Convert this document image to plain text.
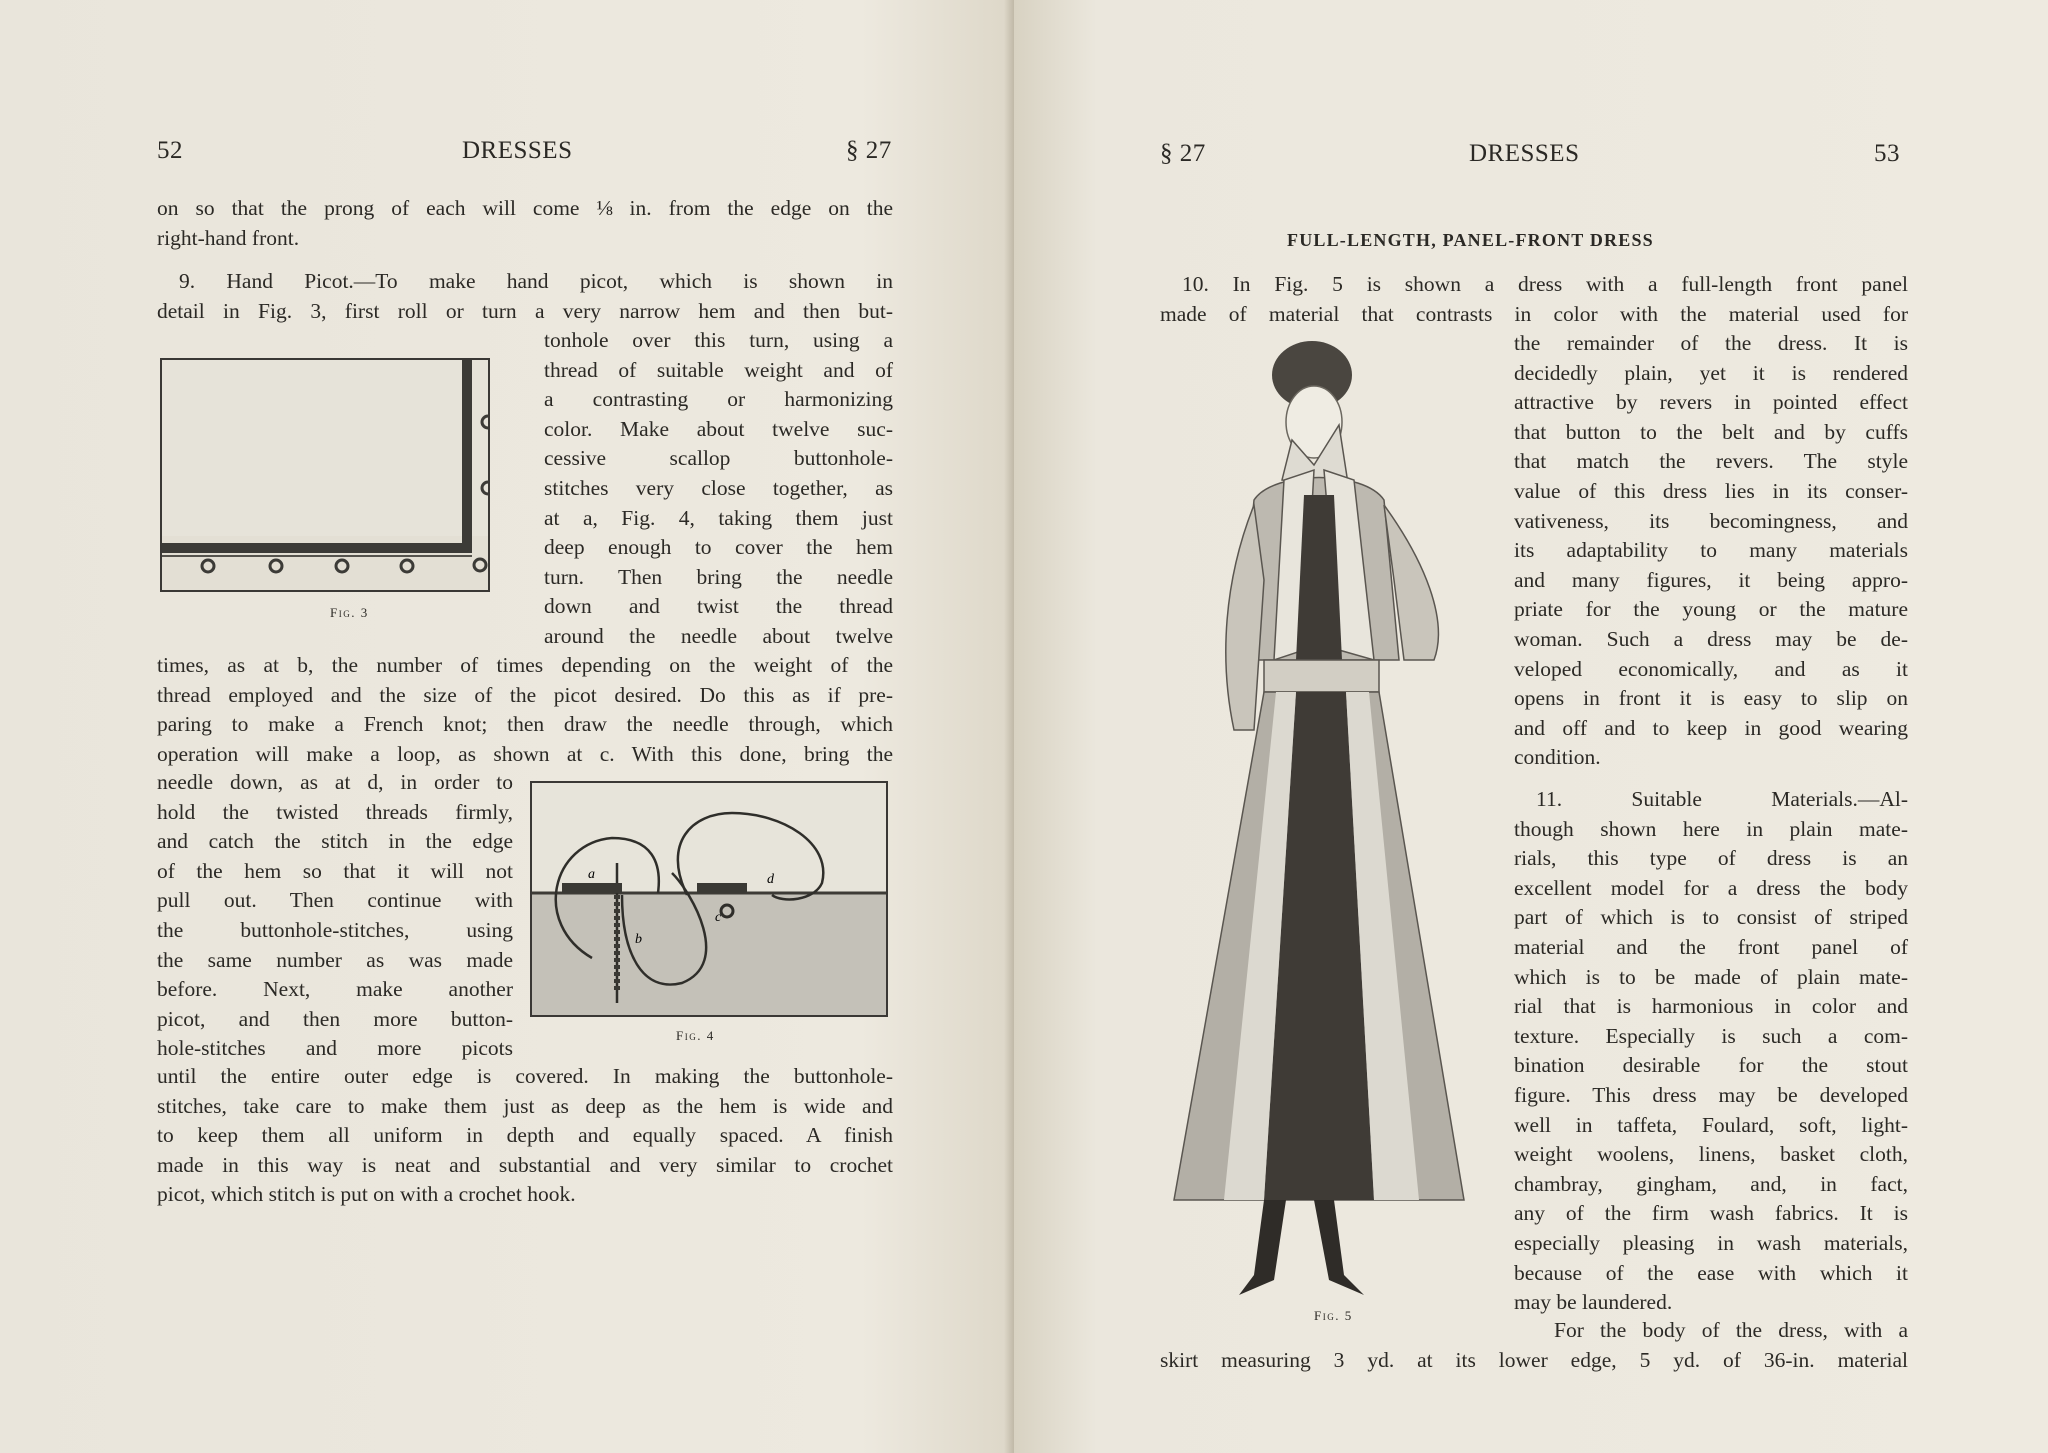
52	DRESSES	§ 27
on so that the prong of each will come ⅛ in. from the edge on the
right-hand front.
9. Hand Picot.—To make hand picot, which is shown in
detail in Fig. 3, first roll or turn a very narrow hem and then but-
Fig. 3
tonhole over this turn, using a
thread of suitable weight and of
a contrasting or harmonizing
color. Make about twelve suc-
cessive scallop buttonhole-
stitches very close together, as
at a, Fig. 4, taking them just
deep enough to cover the hem
turn. Then bring the needle
down and twist the thread
around the needle about twelve
times, as at b, the number of times depending on the weight of the
thread employed and the size of the picot desired. Do this as if pre-
paring to make a French knot; then draw the needle through, which
operation will make a loop, as shown at c. With this done, bring the
needle down, as at d, in order to
hold the twisted threads firmly,
and catch the stitch in the edge
of the hem so that it will not
pull out. Then continue with
the buttonhole-stitches, using
the same number as was made
before. Next, make another
picot, and then more button-
hole-stitches and more picots
a
b
c
d
Fig. 4
until the entire outer edge is covered. In making the buttonhole-
stitches, take care to make them just as deep as the hem is wide and
to keep them all uniform in depth and equally spaced. A finish
made in this way is neat and substantial and very similar to crochet
picot, which stitch is put on with a crochet hook.
§ 27	DRESSES	53
FULL-LENGTH, PANEL-FRONT DRESS
10. In Fig. 5 is shown a dress with a full-length front panel
made of material that contrasts in color with the material used for
Fig. 5
the remainder of the dress. It is
decidedly plain, yet it is rendered
attractive by revers in pointed effect
that button to the belt and by cuffs
that match the revers. The style
value of this dress lies in its conser-
vativeness, its becomingness, and
its adaptability to many materials
and many figures, it being appro-
priate for the young or the mature
woman. Such a dress may be de-
veloped economically, and as it
opens in front it is easy to slip on
and off and to keep in good wearing
condition.
11. Suitable Materials.—Al-
though shown here in plain mate-
rials, this type of dress is an
excellent model for a dress the body
part of which is to consist of striped
material and the front panel of
which is to be made of plain mate-
rial that is harmonious in color and
texture. Especially is such a com-
bination desirable for the stout
figure. This dress may be developed
well in taffeta, Foulard, soft, light-
weight woolens, linens, basket cloth,
chambray, gingham, and, in fact,
any of the firm wash fabrics. It is
especially pleasing in wash materials,
because of the ease with which it
may be laundered.
For the body of the dress, with a
skirt measuring 3 yd. at its lower edge, 5 yd. of 36-in. material
